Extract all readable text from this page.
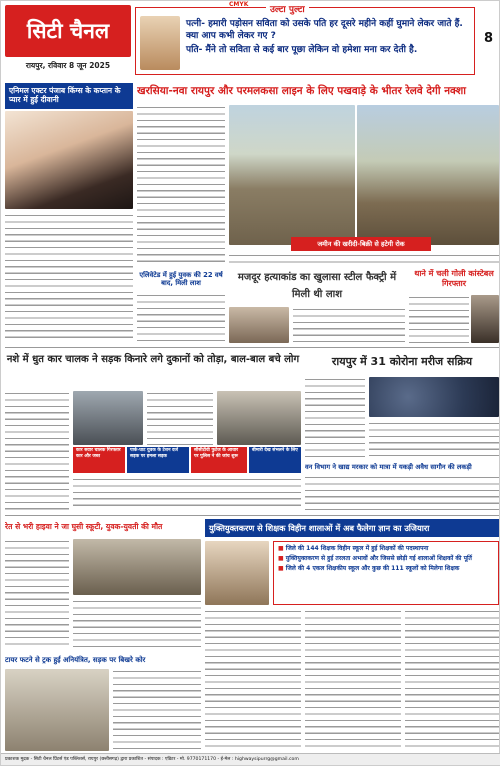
CMYK
8
सिटी चैनल
रायपुर, रविवार 8 जून 2025
उल्टा पुल्टा
पत्नी- हमारी पड़ोसन सविता को उसके पति हर दूसरे महीने कहीं घुमाने लेकर जाते हैं. क्या आप कभी लेकर गए ?
पति- मैंने तो सविता से कई बार पूछा लेकिन वो हमेशा मना कर देती है.
एनिमल एक्टर पंजाब किंग्स के कप्तान के प्यार में हुई दीवानी
खरसिया-नवा रायपुर और परमलकसा लाइन के लिए पखवाड़े के भीतर रेलवे देगी नक्शा
जमीन की खरीदी-बिक्री से हटेगी रोक
एलिवेटेड में हुई युवक की 22 वर्ष बाद, मिली लाश	मजदूर हत्याकांड का खुलासा स्टील फैक्ट्री में मिली थी लाश
थाने में चली गोली कांस्टेबल गिरफ्तार
नशे में धुत कार चालक ने सड़क किनारे लगे दुकानों को तोड़ा, बाल-बाल बचे लोग
कार सवार चालक गिरफ्तार कार और जब्त
पार्क-घाट युवक के टेशन दर्ज सड़क पर हमला सड़क
सीसीटीवी फुटेज के आधार पर पुलिस ने की जांच शुरू
बीमारी देख संभलने के लिए
रायपुर में 31 कोरोना मरीज सक्रिय
वन विभाग ने खाद्य मरकार को मात्रा में यकड़ी अवैध सागौन की लकड़ी
रेत से भरी हाइवा ने जा घुसी स्कूटी, युवक-युवती की मौत
टायर फटने से ट्रक हुई अनियंत्रित, सड़क पर बिखरे कोर
युक्तियुक्तकरण से शिक्षक विहीन शालाओं में अब फैलेगा ज्ञान का उजियारा
■ जिले की 144 शिक्षक विहीन स्कूल में हुई शिक्षकों की पदस्थापना
■ युक्तियुक्तकरण से हुई तरलता अभावों और जिससे छोड़ी गई शालाओं शिक्षकों की पूर्ति
■ जिले की 4 एकल शिक्षकीय स्कूल और कुछ की 111 स्कूलों को मिलेगा शिक्षक
प्रकाशक मुद्रक - सिटी चैनल प्रिंटर्स एंड पब्लिशर्स, रायपुर (छत्तीसगढ़) द्वारा प्रकाशित - संपादक : एडिटर - मो. 9770171170 - ई-मेल : highwaysipurrg@gmail.com
